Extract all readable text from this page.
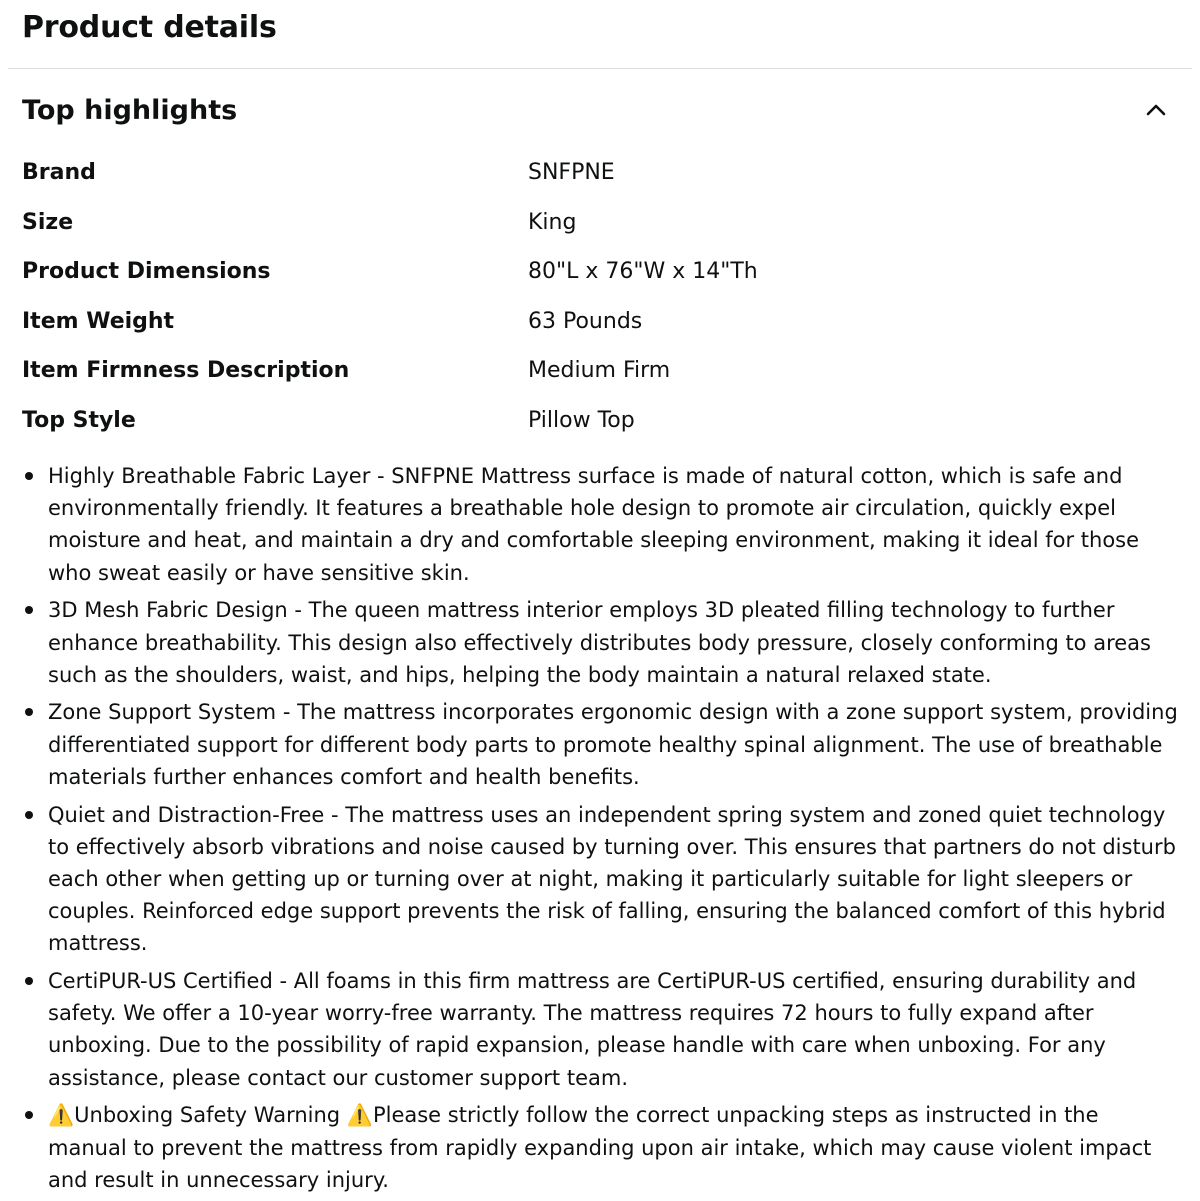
Product details
Top highlights
Brand	SNFPNE
Size	King
Product Dimensions	80"L x 76"W x 14"Th
Item Weight	63 Pounds
Item Firmness Description	Medium Firm
Top Style	Pillow Top
Highly Breathable Fabric Layer - SNFPNE Mattress surface is made of natural cotton, which is safe and environmentally friendly. It features a breathable hole design to promote air circulation, quickly expel moisture and heat, and maintain a dry and comfortable sleeping environment, making it ideal for those who sweat easily or have sensitive skin.
3D Mesh Fabric Design - The queen mattress interior employs 3D pleated filling technology to further enhance breathability. This design also effectively distributes body pressure, closely conforming to areas such as the shoulders, waist, and hips, helping the body maintain a natural relaxed state.
Zone Support System - The mattress incorporates ergonomic design with a zone support system, providing differentiated support for different body parts to promote healthy spinal alignment. The use of breathable materials further enhances comfort and health benefits.
Quiet and Distraction-Free - The mattress uses an independent spring system and zoned quiet technology to effectively absorb vibrations and noise caused by turning over. This ensures that partners do not disturb each other when getting up or turning over at night, making it particularly suitable for light sleepers or couples. Reinforced edge support prevents the risk of falling, ensuring the balanced comfort of this hybrid mattress.
CertiPUR-US Certified - All foams in this firm mattress are CertiPUR-US certified, ensuring durability and safety. We offer a 10-year worry-free warranty. The mattress requires 72 hours to fully expand after unboxing. Due to the possibility of rapid expansion, please handle with care when unboxing. For any assistance, please contact our customer support team.
⚠️Unboxing Safety Warning ⚠️Please strictly follow the correct unpacking steps as instructed in the manual to prevent the mattress from rapidly expanding upon air intake, which may cause violent impact and result in unnecessary injury.
